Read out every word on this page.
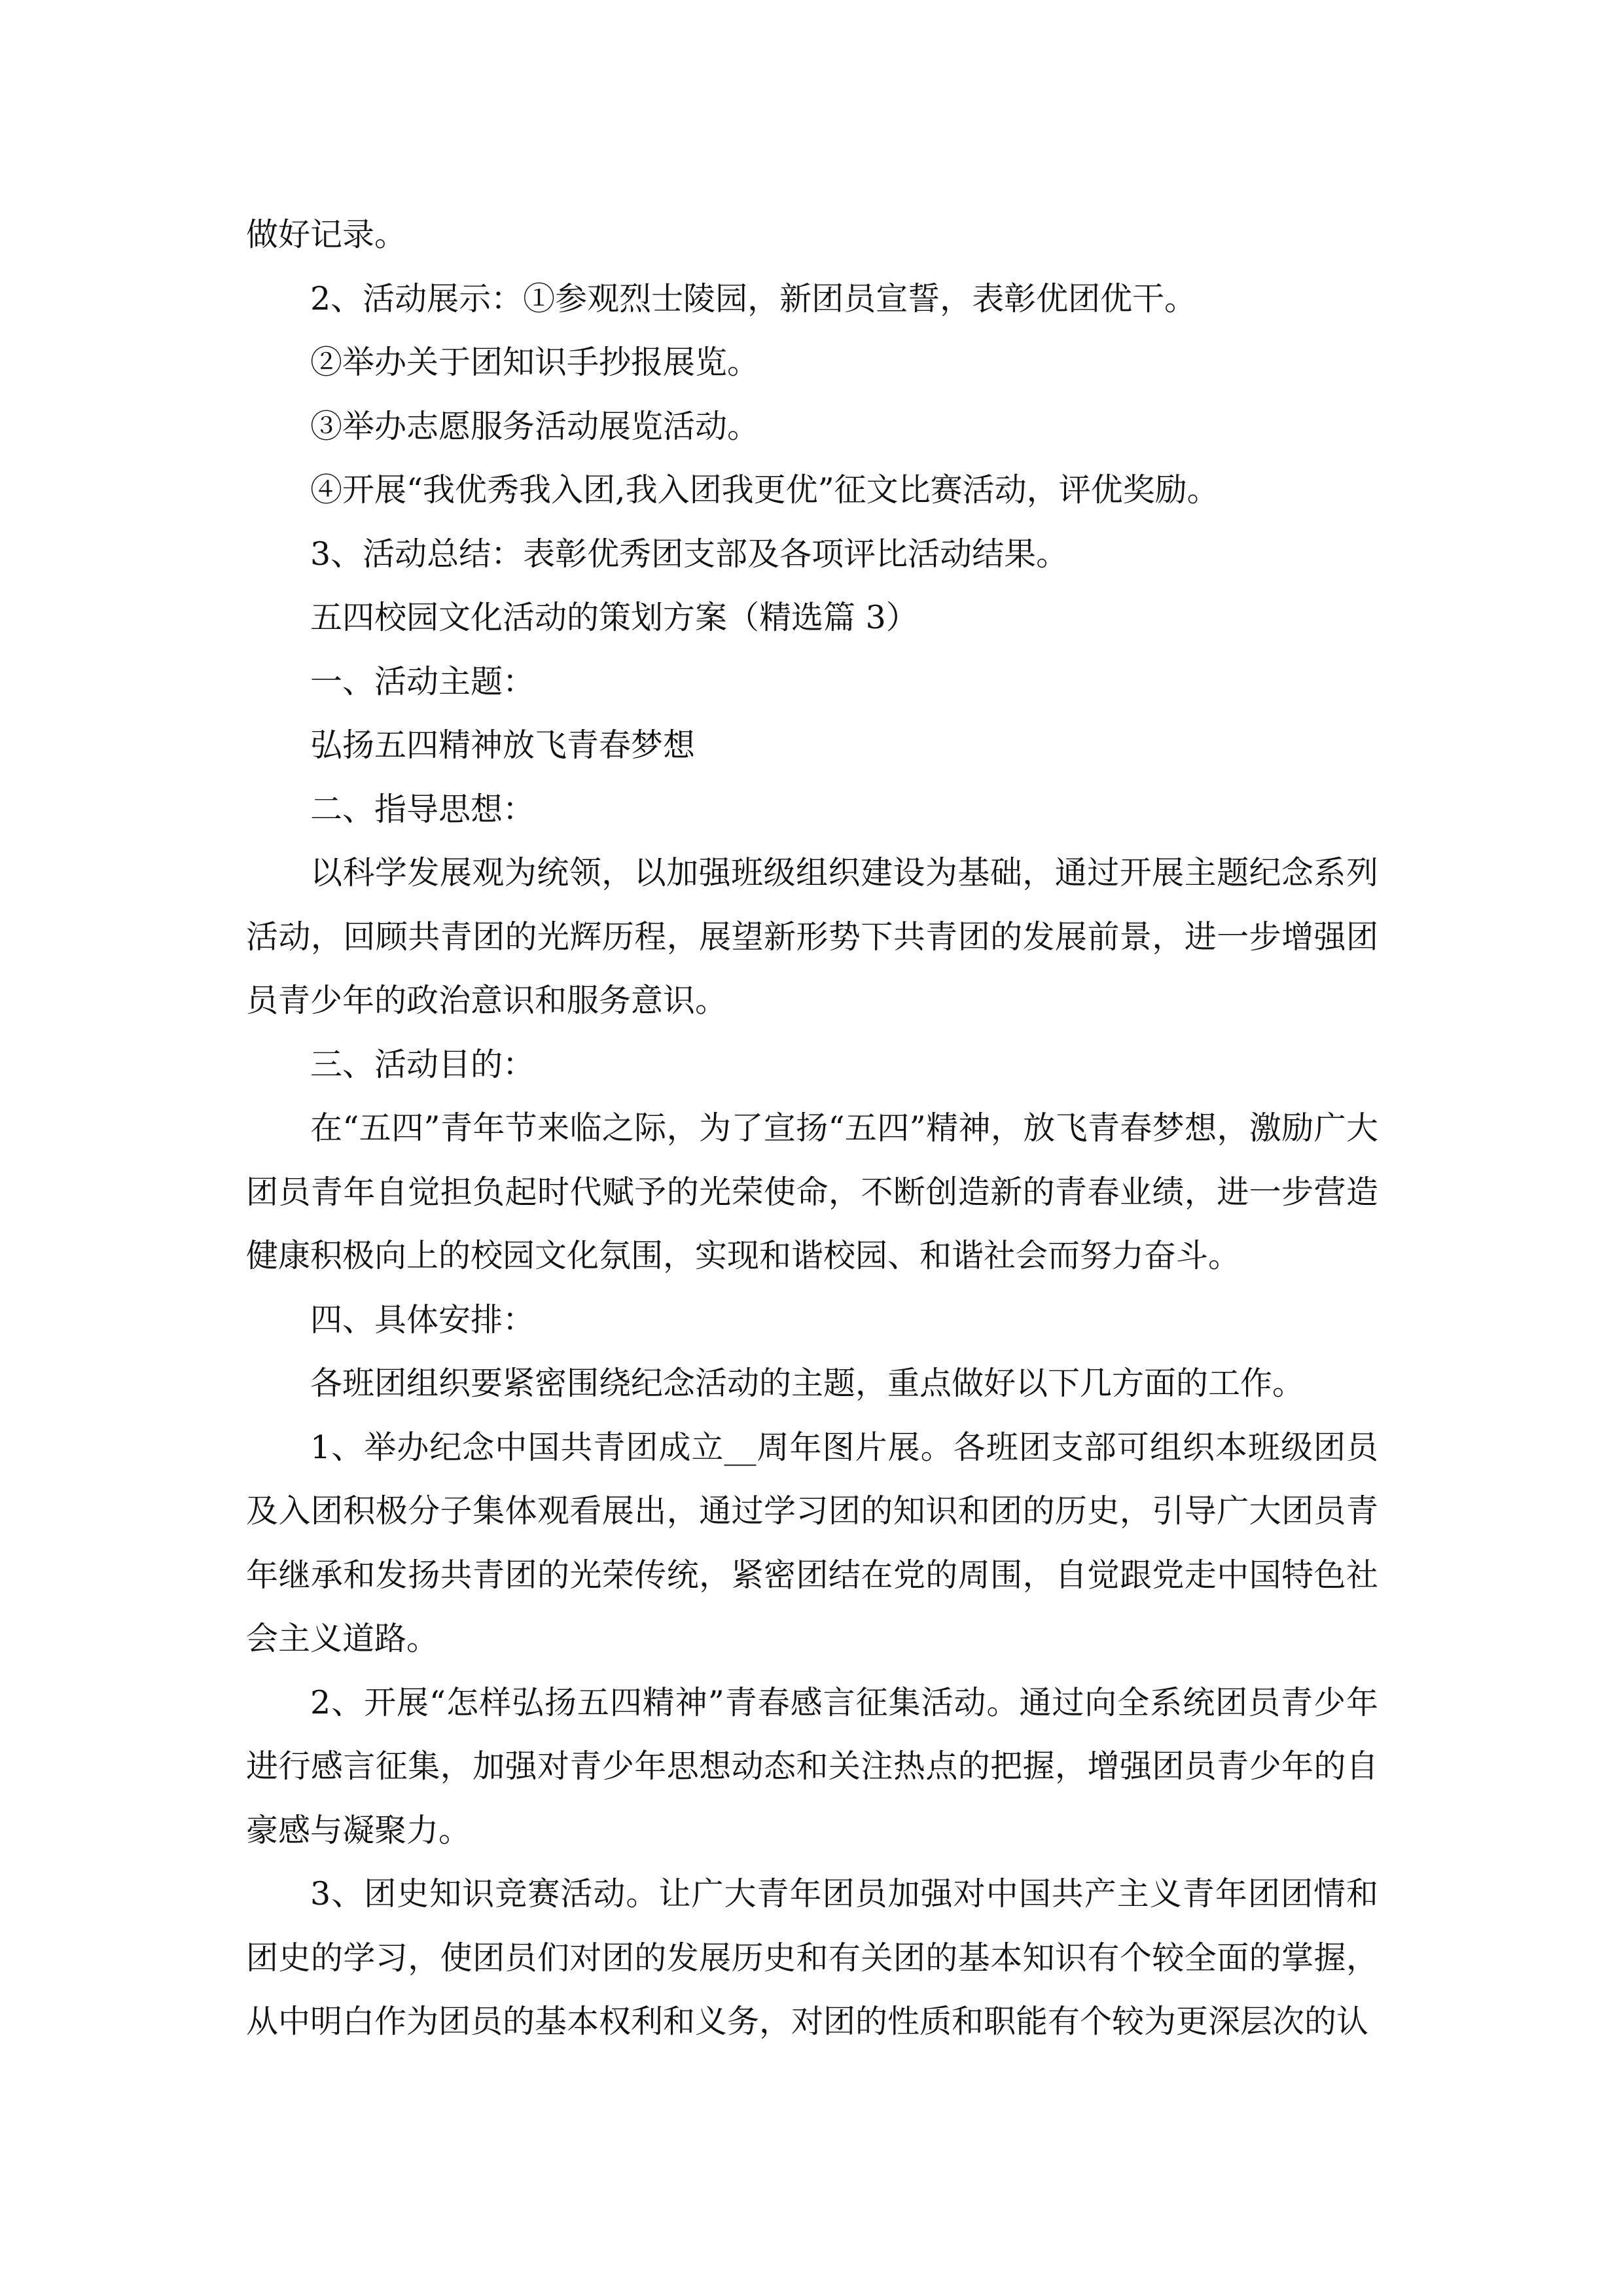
做好记录。

2、活动展示：①参观烈士陵园，新团员宣誓，表彰优团优干。

②举办关于团知识手抄报展览。

③举办志愿服务活动展览活动。

④开展“我优秀我入团,我入团我更优”征文比赛活动，评优奖励。

3、活动总结：表彰优秀团支部及各项评比活动结果。

五四校园文化活动的策划方案（精选篇 3）

一、活动主题：

弘扬五四精神放飞青春梦想

二、指导思想：

以科学发展观为统领，以加强班级组织建设为基础，通过开展主题纪念系列活动，回顾共青团的光辉历程，展望新形势下共青团的发展前景，进一步增强团员青少年的政治意识和服务意识。

三、活动目的：

在“五四”青年节来临之际，为了宣扬“五四”精神，放飞青春梦想，激励广大团员青年自觉担负起时代赋予的光荣使命，不断创造新的青春业绩，进一步营造健康积极向上的校园文化氛围，实现和谐校园、和谐社会而努力奋斗。

四、具体安排：

各班团组织要紧密围绕纪念活动的主题，重点做好以下几方面的工作。

1、举办纪念中国共青团成立__周年图片展。各班团支部可组织本班级团员及入团积极分子集体观看展出，通过学习团的知识和团的历史，引导广大团员青年继承和发扬共青团的光荣传统，紧密团结在党的周围，自觉跟党走中国特色社会主义道路。

2、开展“怎样弘扬五四精神”青春感言征集活动。通过向全系统团员青少年进行感言征集，加强对青少年思想动态和关注热点的把握，增强团员青少年的自豪感与凝聚力。

3、团史知识竞赛活动。让广大青年团员加强对中国共产主义青年团团情和团史的学习，使团员们对团的发展历史和有关团的基本知识有个较全面的掌握，从中明白作为团员的基本权利和义务，对团的性质和职能有个较为更深层次的认
